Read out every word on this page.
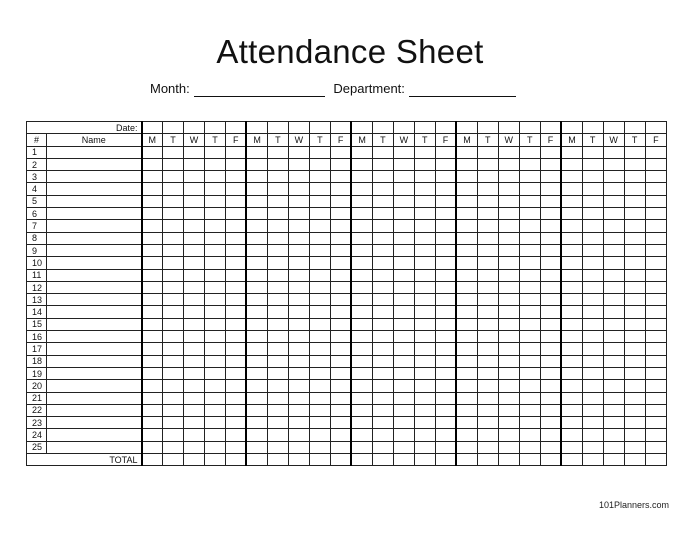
Attendance Sheet
Month:	Department:
Date:																										
#	Name	M	T	W	T	F	M	T	W	T	F	M	T	W	T	F	M	T	W	T	F	M	T	W	T	F
1																										
2																										
3																										
4																										
5																										
6																										
7																										
8																										
9																										
10																										
11																										
12																										
13																										
14																										
15																										
16																										
17																										
18																										
19																										
20																										
21																										
22																										
23																										
24																										
25																										
TOTAL																										
101Planners.com
